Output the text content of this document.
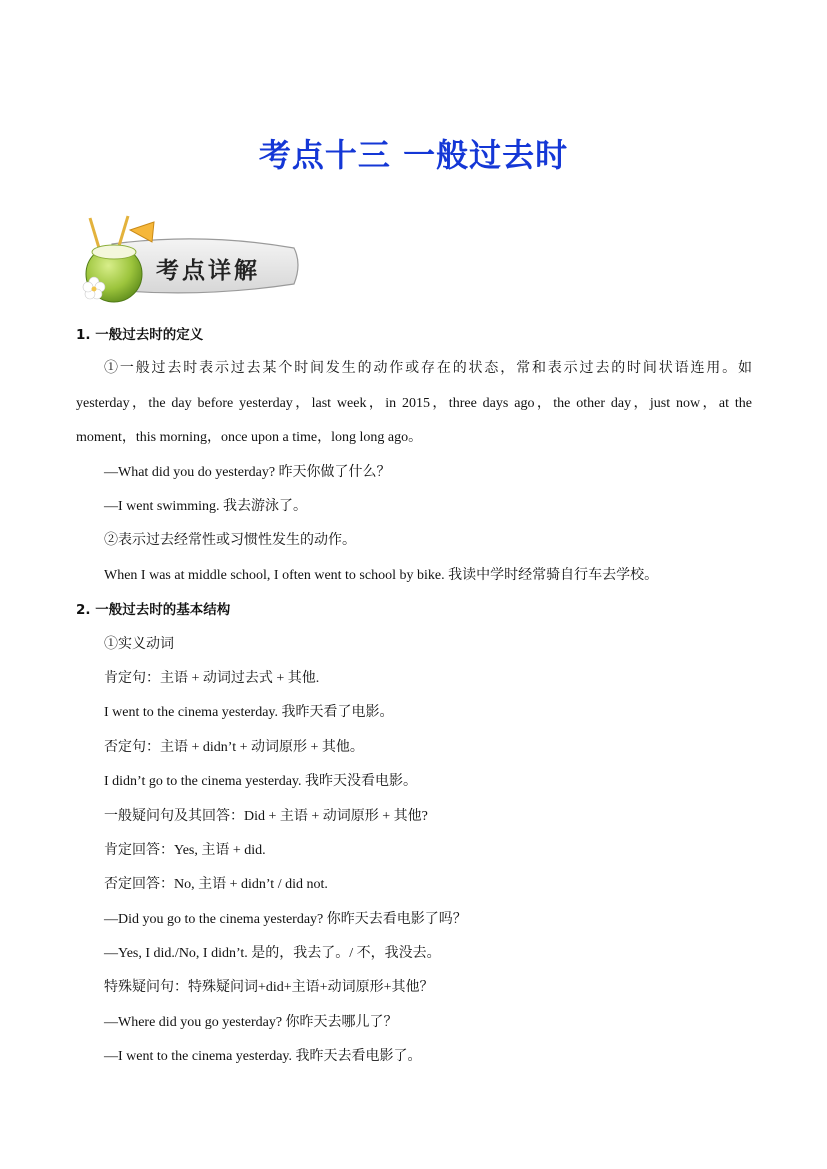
考点十三 一般过去时
考点详解
1. 一般过去时的定义
①一般过去时表示过去某个时间发生的动作或存在的状态，常和表示过去的时间状语连用。如
yesterday，the day before yesterday，last week，in 2015，three days ago，the other day，just now，at the
moment，this morning，once upon a time，long long ago。
—What did you do yesterday? 昨天你做了什么？
—I went swimming. 我去游泳了。
②表示过去经常性或习惯性发生的动作。
When I was at middle school, I often went to school by bike. 我读中学时经常骑自行车去学校。
2. 一般过去时的基本结构
①实义动词
肯定句：主语 + 动词过去式 + 其他.
I went to the cinema yesterday. 我昨天看了电影。
否定句：主语 + didn’t + 动词原形 + 其他。
I didn’t go to the cinema yesterday. 我昨天没看电影。
一般疑问句及其回答：Did + 主语 + 动词原形 + 其他?
肯定回答：Yes, 主语 + did.
否定回答：No, 主语 + didn’t / did not.
—Did you go to the cinema yesterday? 你昨天去看电影了吗？
—Yes, I did./No, I didn’t. 是的，我去了。/ 不，我没去。
特殊疑问句：特殊疑问词+did+主语+动词原形+其他？
—Where did you go yesterday? 你昨天去哪儿了？
—I went to the cinema yesterday. 我昨天去看电影了。
